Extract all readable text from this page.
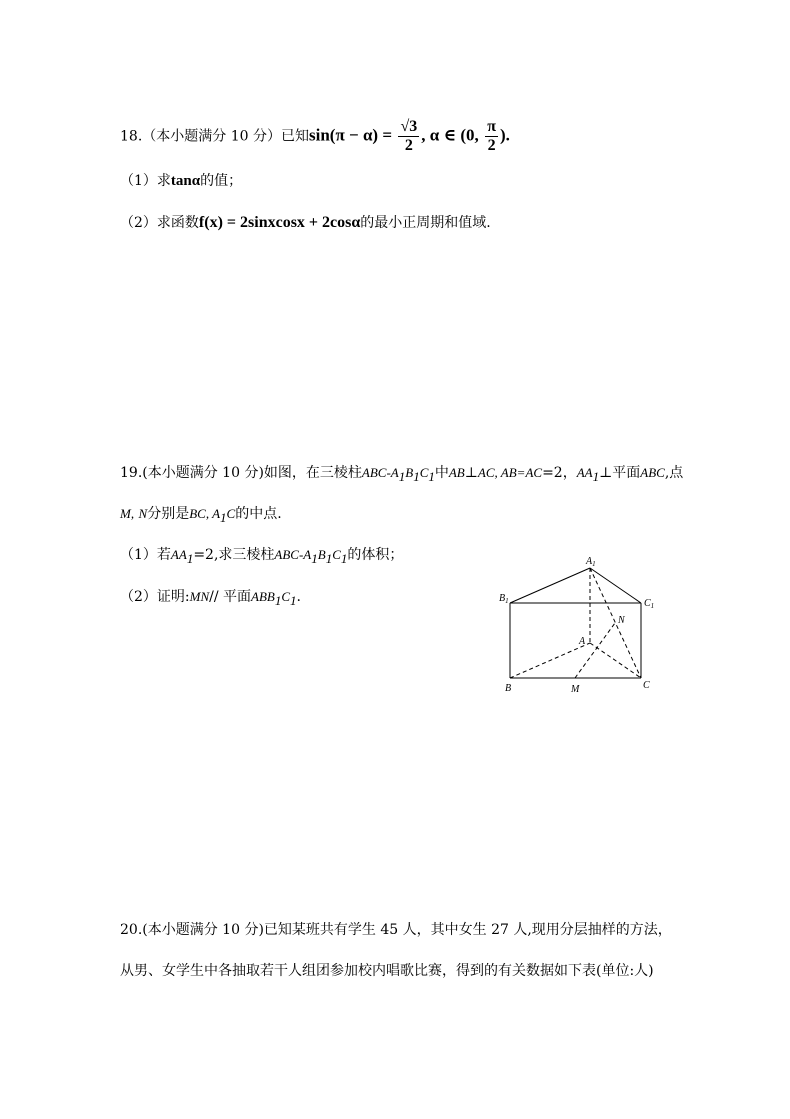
18.（本小题满分 10 分）已知$\sin(\pi - \alpha) = \frac{√3}{2}$ , α ∈ (0, $\frac{\pi}{2}$ ).
（1）求tanα的值；
（2）求函数f(x) = 2sinxcosx + 2cosα的最小正周期和值域.
19.(本小题满分 10 分)如图，在三棱柱ABC-$A_1B_1C_1$中AB⊥AC, AB=AC=2，$AA_1\perp$平面ABC,点
M, N分别是BC, $A_1C$的中点.
（1）若$AA_1=2$,求三棱柱ABC-$A_1B_1C_1$的体积；
（2）证明:MN// 平面$ABB_1C_1$.
$A_1$
$B_1$	$C_1$
A
B	C
M
N
20.(本小题满分 10 分)已知某班共有学生 45 人，其中女生 27 人,现用分层抽样的方法，
从男、女学生中各抽取若干人组团参加校内唱歌比赛，得到的有关数据如下表(单位:人)
